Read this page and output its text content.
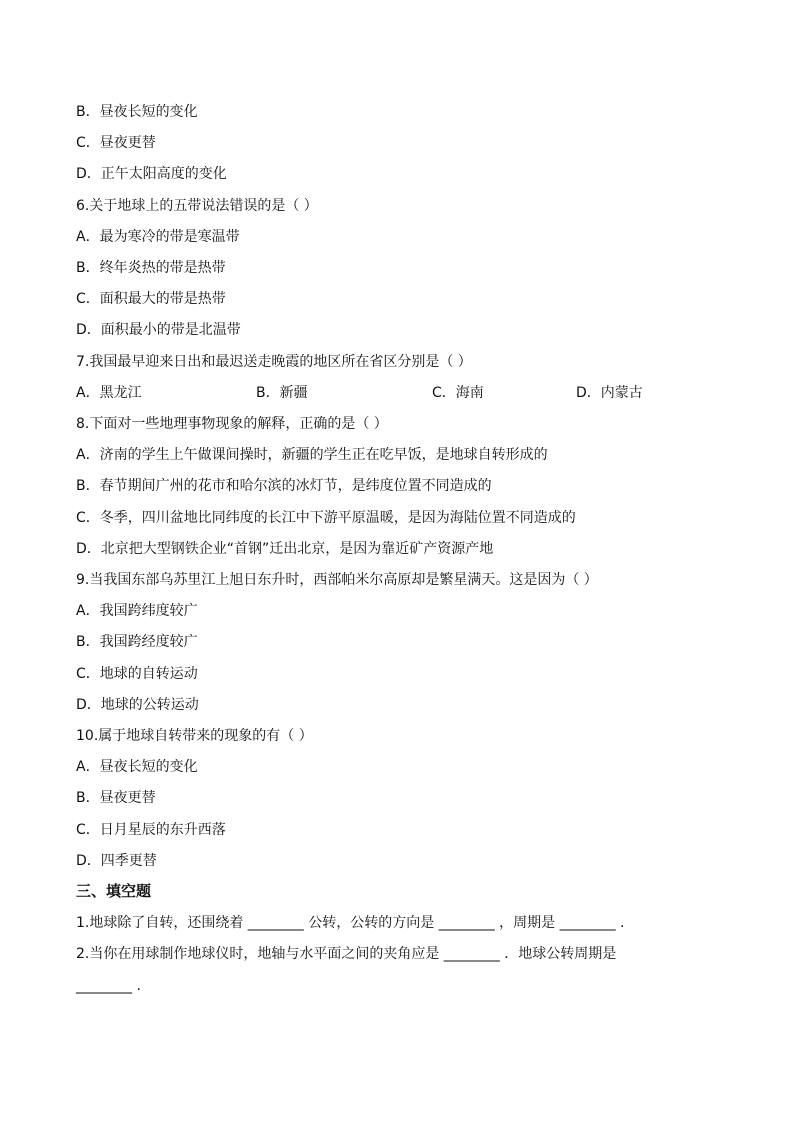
B．昼夜长短的变化
C．昼夜更替
D．正午太阳高度的变化
6.关于地球上的五带说法错误的是（ ）
A．最为寒冷的带是寒温带
B．终年炎热的带是热带
C．面积最大的带是热带
D．面积最小的带是北温带
7.我国最早迎来日出和最迟送走晚霞的地区所在省区分别是（ ）
A．黑龙江	B．新疆	C．海南	D．内蒙古
8.下面对一些地理事物现象的解释，正确的是（ ）
A．济南的学生上午做课间操时，新疆的学生正在吃早饭，是地球自转形成的
B．春节期间广州的花市和哈尔滨的冰灯节，是纬度位置不同造成的
C．冬季，四川盆地比同纬度的长江中下游平原温暖，是因为海陆位置不同造成的
D．北京把大型钢铁企业“首钢”迁出北京，是因为靠近矿产资源产地
9.当我国东部乌苏里江上旭日东升时，西部帕米尔高原却是繁星满天。这是因为（ ）
A．我国跨纬度较广
B．我国跨经度较广
C．地球的自转运动
D．地球的公转运动
10.属于地球自转带来的现象的有（ ）
A．昼夜长短的变化
B．昼夜更替
C．日月星辰的东升西落
D．四季更替
三、填空题
1.地球除了自转，还围绕着 ________ 公转，公转的方向是 ________ ，周期是 ________ .
2.当你在用球制作地球仪时，地轴与水平面之间的夹角应是 ________ ．地球公转周期是
________ .
